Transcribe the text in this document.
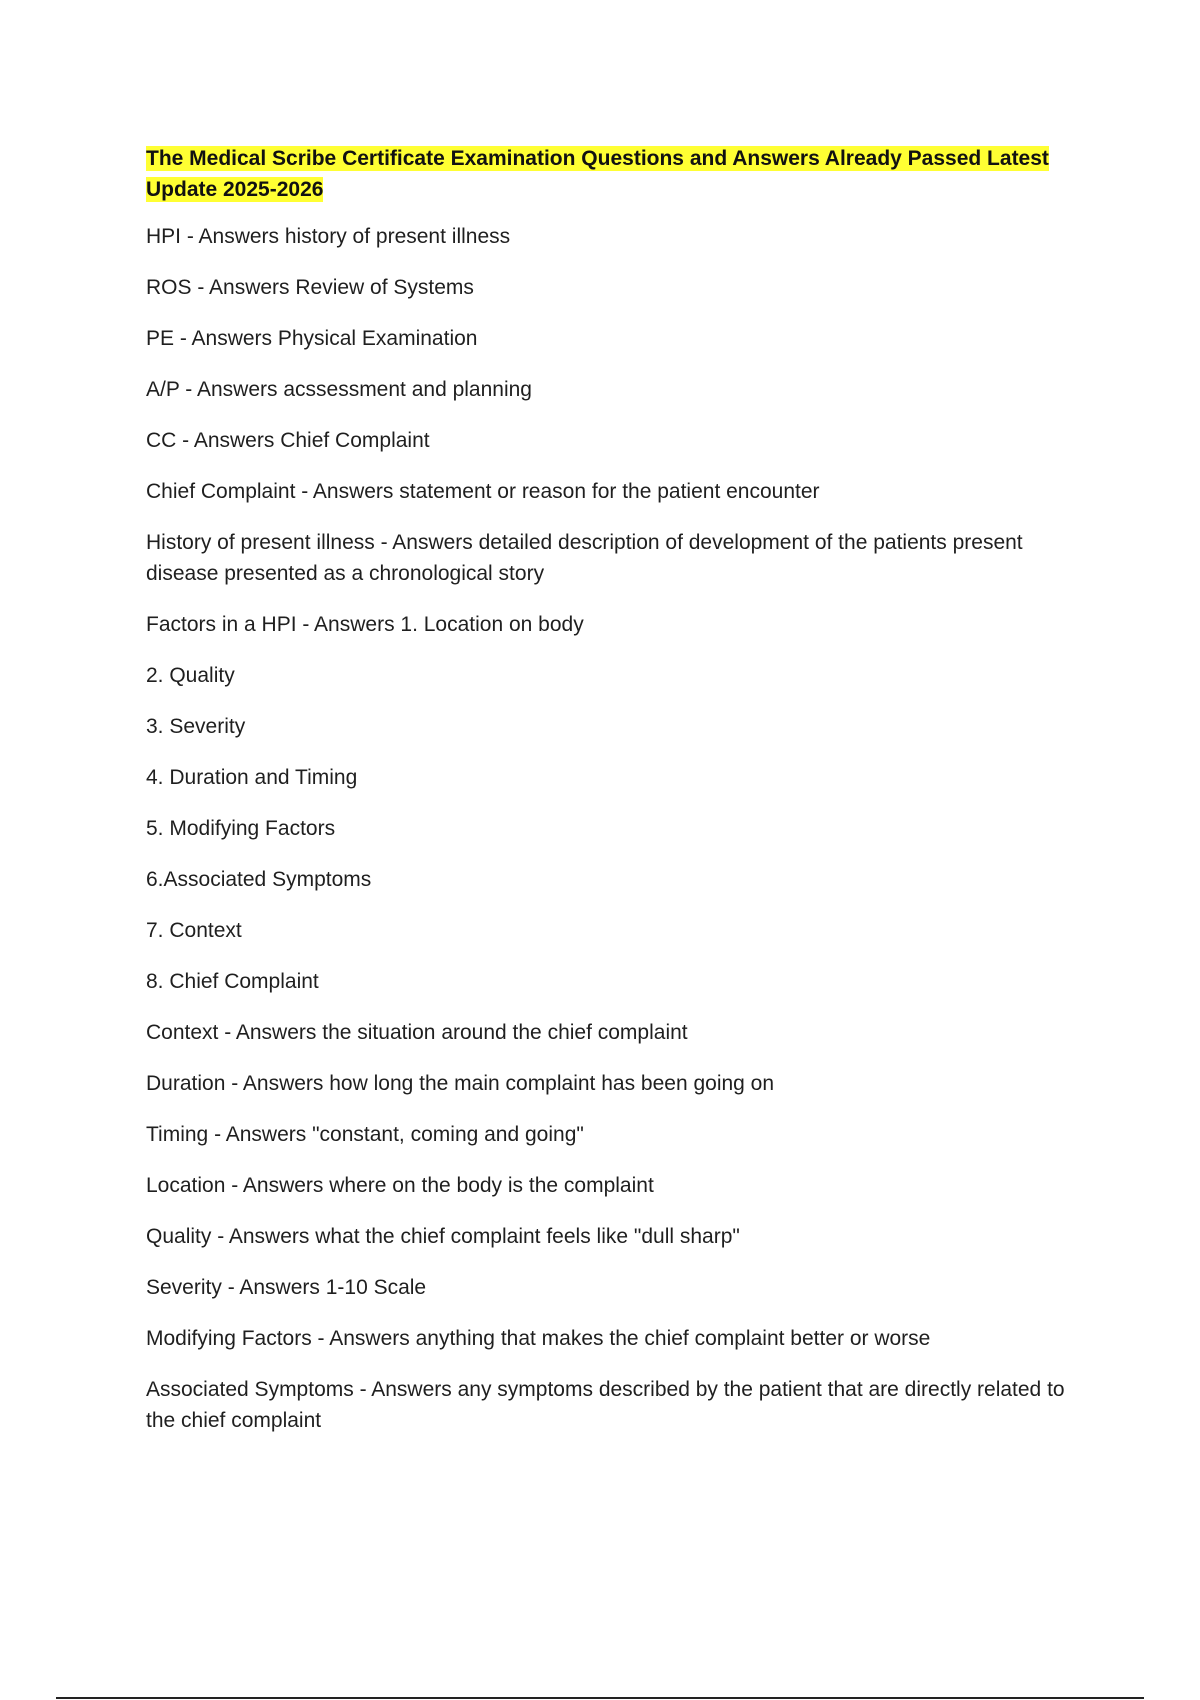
The Medical Scribe Certificate Examination Questions and Answers Already Passed Latest Update 2025-2026
HPI - Answers history of present illness
ROS - Answers Review of Systems
PE - Answers Physical Examination
A/P - Answers acssessment and planning
CC - Answers Chief Complaint
Chief Complaint - Answers statement or reason for the patient encounter
History of present illness - Answers detailed description of development of the patients present disease presented as a chronological story
Factors in a HPI - Answers 1. Location on body
2. Quality
3. Severity
4. Duration and Timing
5. Modifying Factors
6.Associated Symptoms
7. Context
8. Chief Complaint
Context - Answers the situation around the chief complaint
Duration - Answers how long the main complaint has been going on
Timing - Answers "constant, coming and going"
Location - Answers where on the body is the complaint
Quality - Answers what the chief complaint feels like "dull sharp"
Severity - Answers 1-10 Scale
Modifying Factors - Answers anything that makes the chief complaint better or worse
Associated Symptoms - Answers any symptoms described by the patient that are directly related to the chief complaint
